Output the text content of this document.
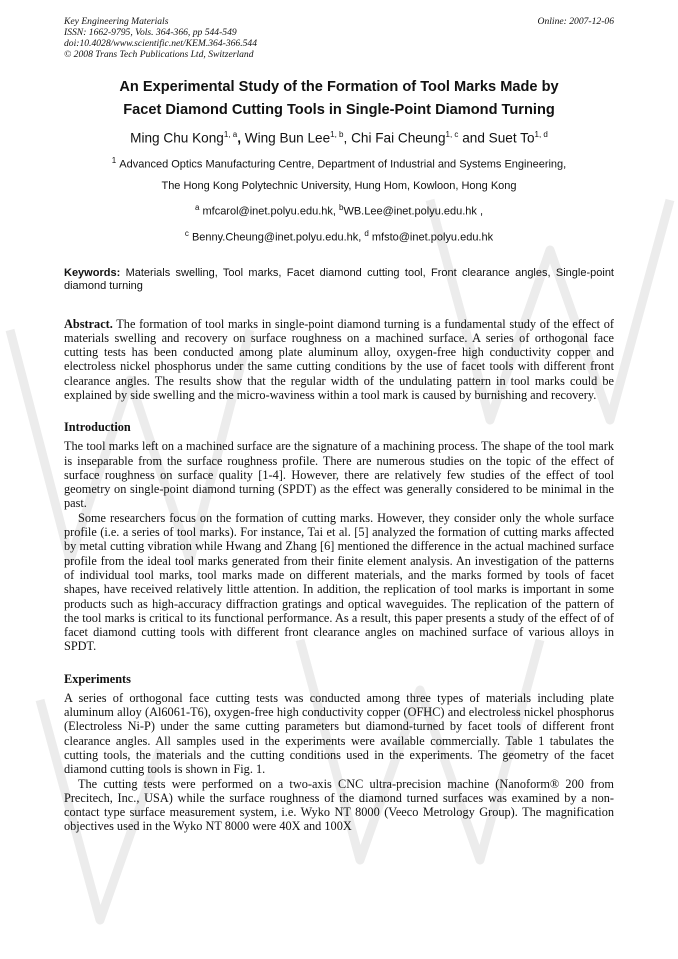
Key Engineering Materials
ISSN: 1662-9795, Vols. 364-366, pp 544-549
doi:10.4028/www.scientific.net/KEM.364-366.544
© 2008 Trans Tech Publications Ltd, Switzerland
Online: 2007-12-06
An Experimental Study of the Formation of Tool Marks Made by
Facet Diamond Cutting Tools in Single-Point Diamond Turning
Ming Chu Kong$^{1, a}$, Wing Bun Lee$^{1, b}$, Chi Fai Cheung$^{1, c}$ and Suet To$^{1, d}$
$^1$ Advanced Optics Manufacturing Centre, Department of Industrial and Systems Engineering,
The Hong Kong Polytechnic University, Hung Hom, Kowloon, Hong Kong
$^a$ mfcarol@inet.polyu.edu.hk, $^b$WB.Lee@inet.polyu.edu.hk ,
$^c$ Benny.Cheung@inet.polyu.edu.hk, $^d$ mfsto@inet.polyu.edu.hk
Keywords: Materials swelling, Tool marks, Facet diamond cutting tool, Front clearance angles, Single-point diamond turning

Abstract. The formation of tool marks in single-point diamond turning is a fundamental study of the effect of materials swelling and recovery on surface roughness on a machined surface. A series of orthogonal face cutting tests has been conducted among plate aluminum alloy, oxygen-free high conductivity copper and electroless nickel phosphorus under the same cutting conditions by the use of facet tools with different front clearance angles. The results show that the regular width of the undulating pattern in tool marks could be explained by side swelling and the micro-waviness within a tool mark is caused by burnishing and recovery.

Introduction

The tool marks left on a machined surface are the signature of a machining process. The shape of the tool mark is inseparable from the surface roughness profile. There are numerous studies on the topic of the effect of surface roughness on surface quality [1-4]. However, there are relatively few studies of the effect of tool geometry on single-point diamond turning (SPDT) as the effect was generally considered to be minimal in the past.

Some researchers focus on the formation of cutting marks. However, they consider only the whole surface profile (i.e. a series of tool marks). For instance, Tai et al. [5] analyzed the formation of cutting marks affected by metal cutting vibration while Hwang and Zhang [6] mentioned the difference in the actual machined surface profile from the ideal tool marks generated from their finite element analysis. An investigation of the patterns of individual tool marks, tool marks made on different materials, and the marks formed by tools of facet shapes, have received relatively little attention. In addition, the replication of tool marks is important in some products such as high-accuracy diffraction gratings and optical waveguides. The replication of the pattern of the tool marks is critical to its functional performance. As a result, this paper presents a study of the effect of of facet diamond cutting tools with different front clearance angles on machined surface of various alloys in SPDT.

Experiments

A series of orthogonal face cutting tests was conducted among three types of materials including plate aluminum alloy (Al6061-T6), oxygen-free high conductivity copper (OFHC) and electroless nickel phosphorus (Electroless Ni-P) under the same cutting parameters but diamond-turned by facet tools of different front clearance angles. All samples used in the experiments were available commercially. Table 1 tabulates the cutting tools, the materials and the cutting conditions used in the experiments. The geometry of the facet diamond cutting tools is shown in Fig. 1.

The cutting tests were performed on a two-axis CNC ultra-precision machine (Nanoform® 200 from Precitech, Inc., USA) while the surface roughness of the diamond turned surfaces was examined by a non-contact type surface measurement system, i.e. Wyko NT 8000 (Veeco Metrology Group). The magnification objectives used in the Wyko NT 8000 were 40X and 100X
